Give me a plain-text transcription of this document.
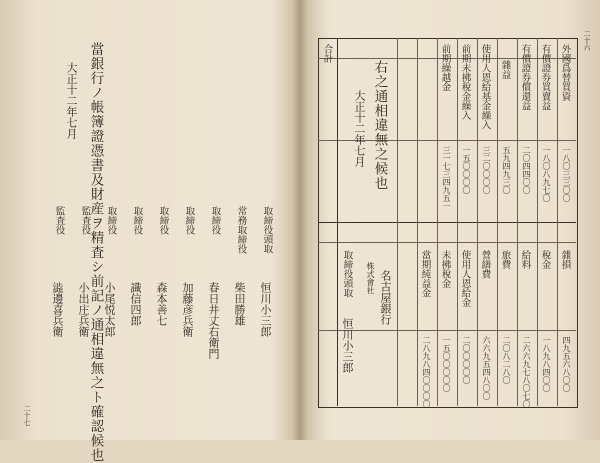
當銀行ノ帳簿證憑書及財産ヲ精査シ前記ノ通相違無之ト確認候也
大正十二年七月
取締役頭取
常務取締役
取締役
取締役
取締役
取締役
取締役
監査役
監査役
恒川小三郎
柴田勝雄
春日井丈右衛門
加藤彦兵衛
森本善七
識信四郎
小尾悦太郎
小出庄兵衛
澁邊喜兵衛
二十七
外國爲替買資
有價證券買賣益
有價證券償還益
雜益
使用人恩給基金繰入
前期未拂稅金繰入
前期繰越金
一八〇三三〇〇
一八〇八九七〇
二〇四四〇〇
五九四九三〇
三二〇〇〇〇
一五〇〇〇〇
三一七三四九五一
雜損
稅金
給料
旅費
營繕費
使用人恩給金
未拂稅金
當期純益金
四九五六八〇〇
一八九八四〇〇
二六六九七八〇七〇
二〇八二八〇
六六九五四八〇〇
二〇〇〇〇〇
一五〇〇〇〇〇
二八九八四〇〇〇〇
合計
右之通相違無之候也
大正十二年七月
株式會社 名古屋銀行
取締役頭取
恒川小三郎
二十六
